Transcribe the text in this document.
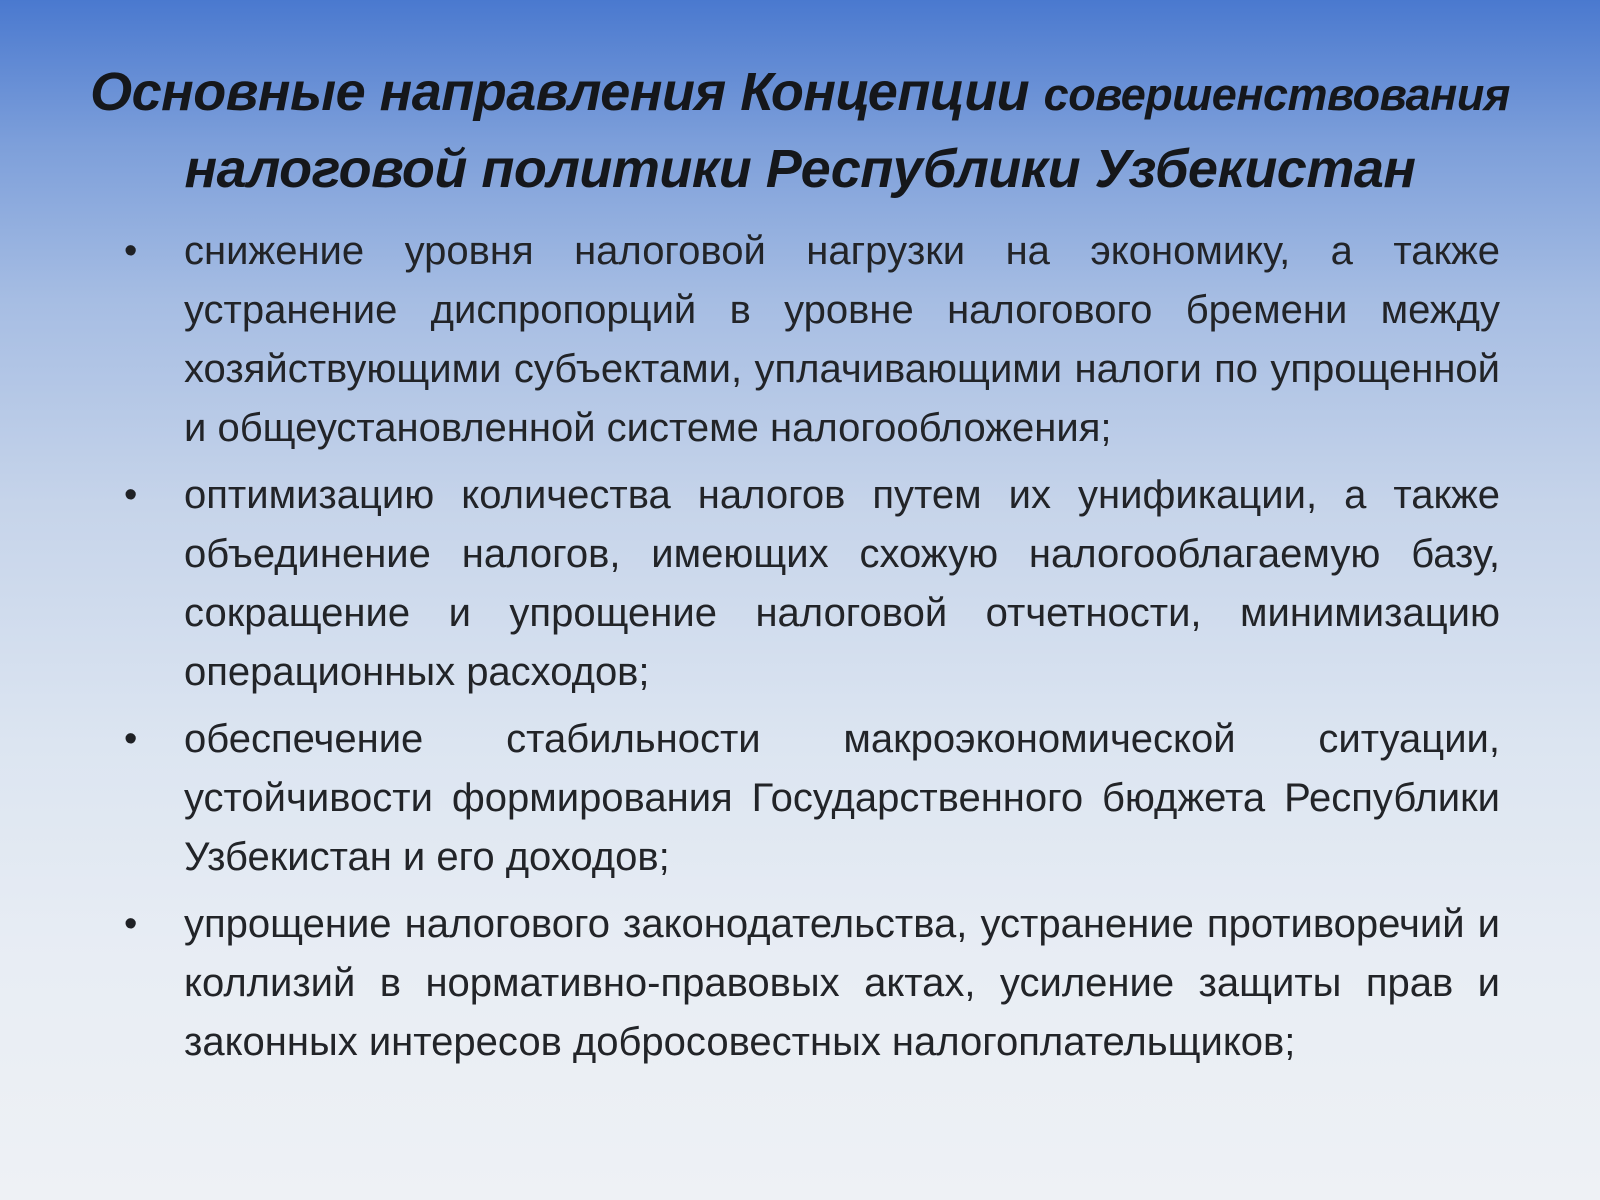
Основные направления Концепции совершенствования
налоговой политики Республики Узбекистан
• снижение уровня налоговой нагрузки на экономику, а также устранение диспропорций в уровне налогового бремени между хозяйствующими субъектами, уплачивающими налоги по упрощенной и общеустановленной системе налогообложения;
• оптимизацию количества налогов путем их унификации, а также объединение налогов, имеющих схожую налогооблагаемую базу, сокращение и упрощение налоговой отчетности, минимизацию операционных расходов;
• обеспечение стабильности макроэкономической ситуации, устойчивости формирования Государственного бюджета Республики Узбекистан и его доходов;
• упрощение налогового законодательства, устранение противоречий и коллизий в нормативно-правовых актах, усиление защиты прав и законных интересов добросовестных налогоплательщиков;
